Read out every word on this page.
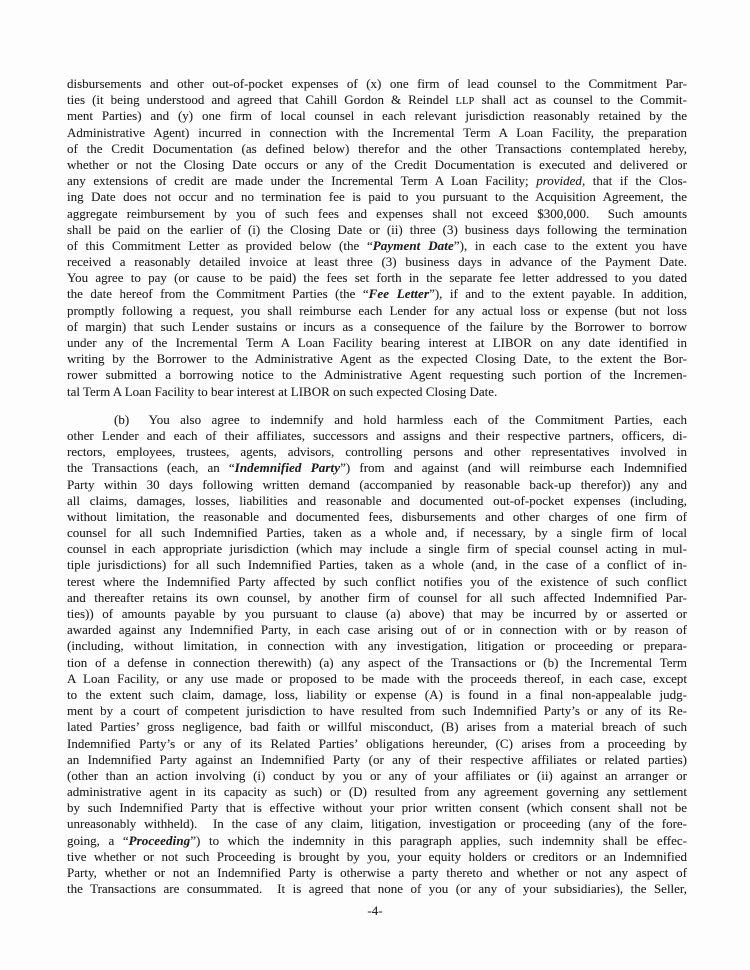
disbursements and other out-of-pocket expenses of (x) one firm of lead counsel to the Commitment Par-
ties (it being understood and agreed that Cahill Gordon & Reindel LLP shall act as counsel to the Commit-
ment Parties) and (y) one firm of local counsel in each relevant jurisdiction reasonably retained by the
Administrative Agent) incurred in connection with the Incremental Term A Loan Facility, the preparation
of the Credit Documentation (as defined below) therefor and the other Transactions contemplated hereby,
whether or not the Closing Date occurs or any of the Credit Documentation is executed and delivered or
any extensions of credit are made under the Incremental Term A Loan Facility; provided, that if the Clos-
ing Date does not occur and no termination fee is paid to you pursuant to the Acquisition Agreement, the
aggregate reimbursement by you of such fees and expenses shall not exceed $300,000.  Such amounts
shall be paid on the earlier of (i) the Closing Date or (ii) three (3) business days following the termination
of this Commitment Letter as provided below (the “Payment Date”), in each case to the extent you have
received a reasonably detailed invoice at least three (3) business days in advance of the Payment Date.
You agree to pay (or cause to be paid) the fees set forth in the separate fee letter addressed to you dated
the date hereof from the Commitment Parties (the “Fee Letter”), if and to the extent payable. In addition,
promptly following a request, you shall reimburse each Lender for any actual loss or expense (but not loss
of margin) that such Lender sustains or incurs as a consequence of the failure by the Borrower to borrow
under any of the Incremental Term A Loan Facility bearing interest at LIBOR on any date identified in
writing by the Borrower to the Administrative Agent as the expected Closing Date, to the extent the Bor-
rower submitted a borrowing notice to the Administrative Agent requesting such portion of the Incremen-
tal Term A Loan Facility to bear interest at LIBOR on such expected Closing Date.
(b)  You also agree to indemnify and hold harmless each of the Commitment Parties, each
other Lender and each of their affiliates, successors and assigns and their respective partners, officers, di-
rectors, employees, trustees, agents, advisors, controlling persons and other representatives involved in
the Transactions (each, an “Indemnified Party”) from and against (and will reimburse each Indemnified
Party within 30 days following written demand (accompanied by reasonable back-up therefor)) any and
all claims, damages, losses, liabilities and reasonable and documented out-of-pocket expenses (including,
without limitation, the reasonable and documented fees, disbursements and other charges of one firm of
counsel for all such Indemnified Parties, taken as a whole and, if necessary, by a single firm of local
counsel in each appropriate jurisdiction (which may include a single firm of special counsel acting in mul-
tiple jurisdictions) for all such Indemnified Parties, taken as a whole (and, in the case of a conflict of in-
terest where the Indemnified Party affected by such conflict notifies you of the existence of such conflict
and thereafter retains its own counsel, by another firm of counsel for all such affected Indemnified Par-
ties)) of amounts payable by you pursuant to clause (a) above) that may be incurred by or asserted or
awarded against any Indemnified Party, in each case arising out of or in connection with or by reason of
(including, without limitation, in connection with any investigation, litigation or proceeding or prepara-
tion of a defense in connection therewith) (a) any aspect of the Transactions or (b) the Incremental Term
A Loan Facility, or any use made or proposed to be made with the proceeds thereof, in each case, except
to the extent such claim, damage, loss, liability or expense (A) is found in a final non-appealable judg-
ment by a court of competent jurisdiction to have resulted from such Indemnified Party’s or any of its Re-
lated Parties’ gross negligence, bad faith or willful misconduct, (B) arises from a material breach of such
Indemnified Party’s or any of its Related Parties’ obligations hereunder, (C) arises from a proceeding by
an Indemnified Party against an Indemnified Party (or any of their respective affiliates or related parties)
(other than an action involving (i) conduct by you or any of your affiliates or (ii) against an arranger or
administrative agent in its capacity as such) or (D) resulted from any agreement governing any settlement
by such Indemnified Party that is effective without your prior written consent (which consent shall not be
unreasonably withheld).  In the case of any claim, litigation, investigation or proceeding (any of the fore-
going, a “Proceeding”) to which the indemnity in this paragraph applies, such indemnity shall be effec-
tive whether or not such Proceeding is brought by you, your equity holders or creditors or an Indemnified
Party, whether or not an Indemnified Party is otherwise a party thereto and whether or not any aspect of
the Transactions are consummated.  It is agreed that none of you (or any of your subsidiaries), the Seller,
-4-
